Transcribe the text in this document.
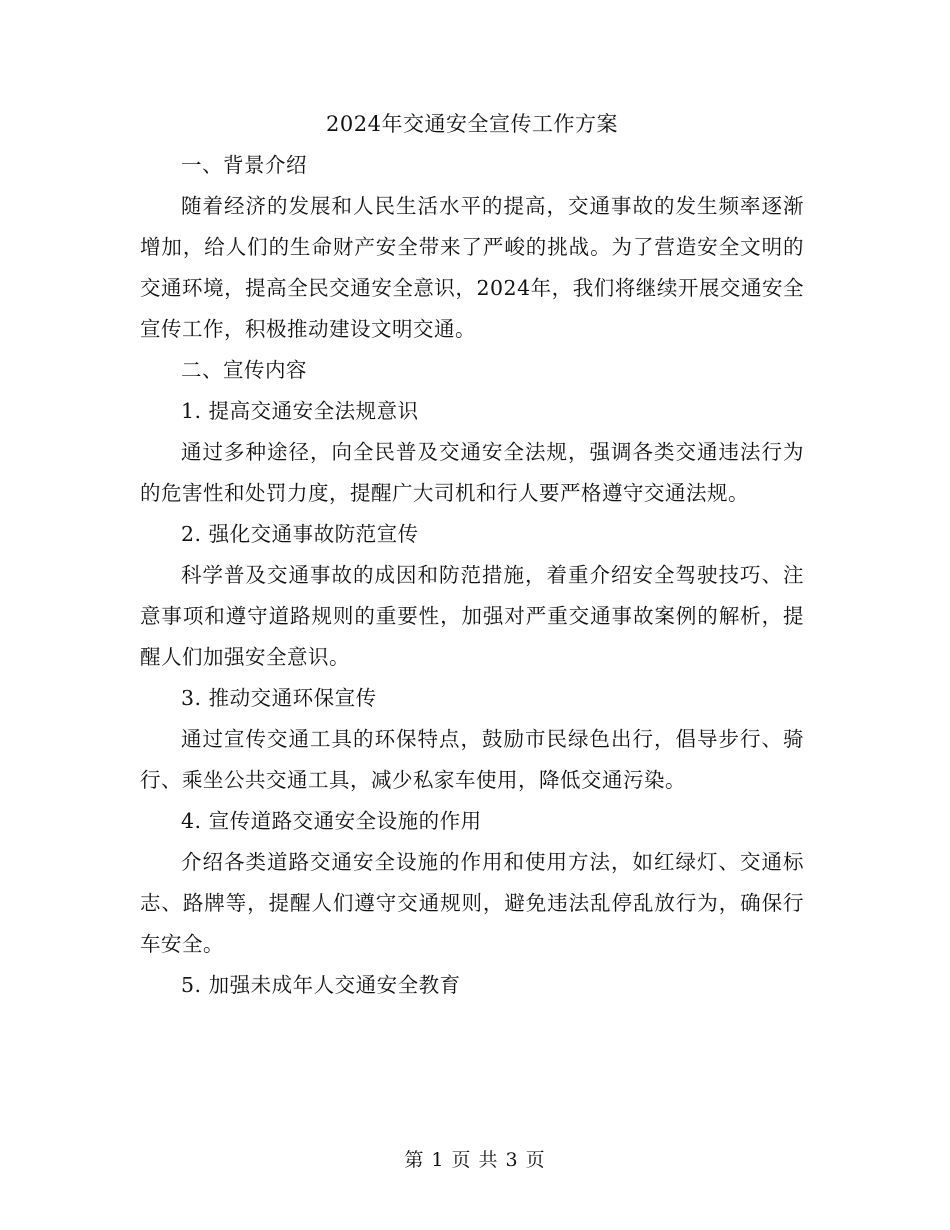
2024年交通安全宣传工作方案

一、背景介绍

随着经济的发展和人民生活水平的提高，交通事故的发生频率逐渐增加，给人们的生命财产安全带来了严峻的挑战。为了营造安全文明的交通环境，提高全民交通安全意识，2024年，我们将继续开展交通安全宣传工作，积极推动建设文明交通。

二、宣传内容

1. 提高交通安全法规意识

通过多种途径，向全民普及交通安全法规，强调各类交通违法行为的危害性和处罚力度，提醒广大司机和行人要严格遵守交通法规。

2. 强化交通事故防范宣传

科学普及交通事故的成因和防范措施，着重介绍安全驾驶技巧、注意事项和遵守道路规则的重要性，加强对严重交通事故案例的解析，提醒人们加强安全意识。

3. 推动交通环保宣传

通过宣传交通工具的环保特点，鼓励市民绿色出行，倡导步行、骑行、乘坐公共交通工具，减少私家车使用，降低交通污染。

4. 宣传道路交通安全设施的作用

介绍各类道路交通安全设施的作用和使用方法，如红绿灯、交通标志、路牌等，提醒人们遵守交通规则，避免违法乱停乱放行为，确保行车安全。

5. 加强未成年人交通安全教育

第 1 页 共 3 页
